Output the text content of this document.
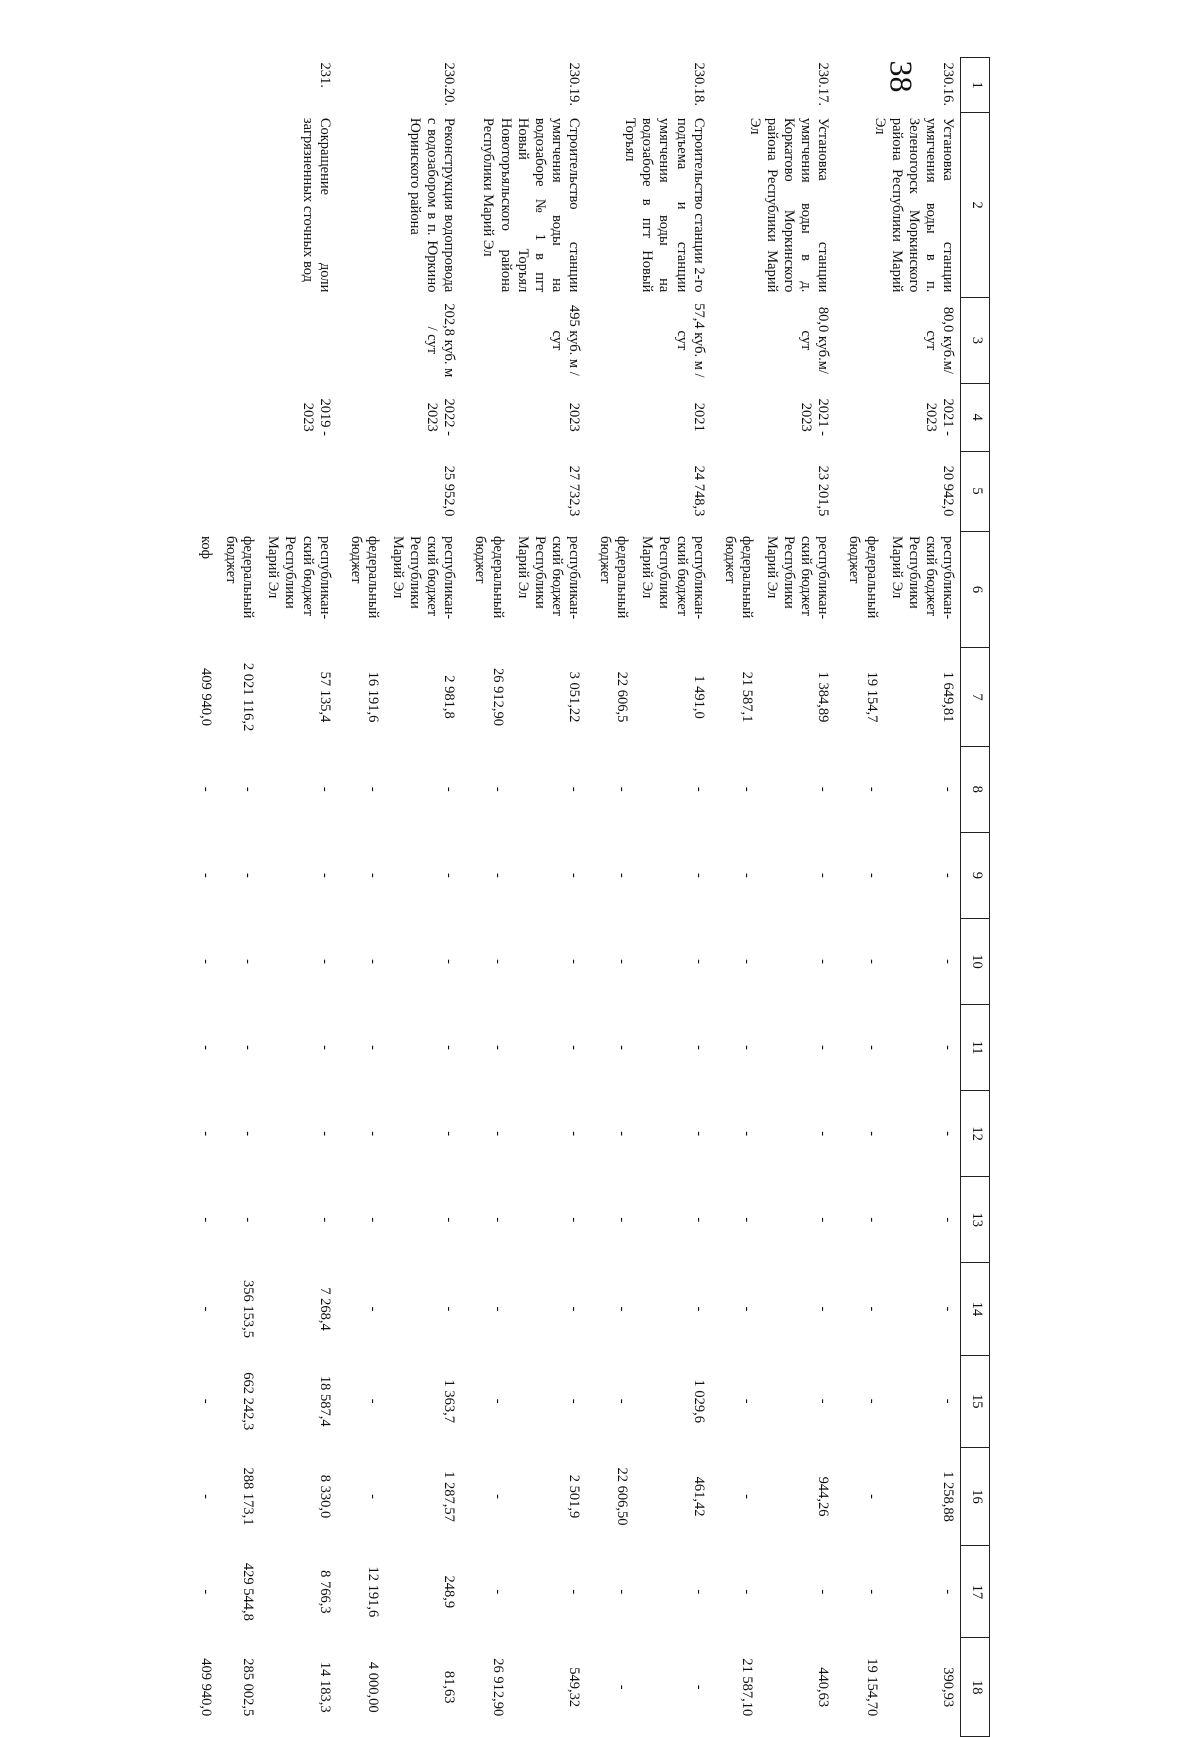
38	1	2	3	4	5	6	7	8	9	10	11	12	13	14	15	16	17	18
230.16.	Установка станции умягчения воды в п. Зеленогорск Моркинского района Республики Марий Эл	80,0 куб.м/сут	2021 - 2023	20 942,0	республикан-ский бюджет Республики Марий Эл	1 649,81	-	-	-	-	-	-	-	-	1 258,88	-	390,93
					федеральный бюджет	19 154,7	-	-	-	-	-	-	-	-	-	-	19 154,70

230.17.	Установка станции умягчения воды в д. Коркатово Моркинского района Республики Марий Эл	80,0 куб.м/сут	2021 - 2023	23 201,5	республикан-ский бюджет Республики Марий Эл	1 384,89	-	-	-	-	-	-	-	-	944,26	-	440,63
					федеральный бюджет	21 587,1	-	-	-	-	-	-	-	-	-	-	21 587,10

230.18.	Строительство станции 2-го подъема и станции умягчения воды на водозаборе в пгт Новый Торъял	57,4 куб. м / сут	2021	24 748,3	республикан-ский бюджет Республики Марий Эл	1 491,0	-	-	-	-	-	-	-	1 029,6	461,42	-	-
					федеральный бюджет	22 606,5	-	-	-	-	-	-	-	-	22 606,50	-	-

230.19.	Строительство станции умягчения воды на водозаборе № 1 в пгт Новый Торъял Новоторъяльского района Республики Марий Эл	495 куб. м / сут	2023	27 732,3	республикан-ский бюджет Республики Марий Эл	3 051,22	-	-	-	-	-	-	-	-	2 501,9	-	549,32
					федеральный бюджет	26 912,90	-	-	-	-	-	-	-	-	-	-	26 912,90

230.20.	Реконструкция водопровода с водозабором в п. Юркино Юринского района	202,8 куб. м / сут	2022 - 2023	25 952,0	республикан-ский бюджет Республики Марий Эл	2 981,8	-	-	-	-	-	-	-	1 363,7	1 287,57	248,9	81,63
					федеральный бюджет	16 191,6	-	-	-	-	-	-	-	-	-	12 191,6	4 000,00

231.	Сокращение доли загрязненных сточных вод		2019 - 2023		республикан-ский бюджет Республики Марий Эл	57 135,4	-	-	-	-	-	-	7 268,4	18 587,4	8 330,0	8 766,3	14 183,3
					федеральный бюджет	2 021 116,2	-	-	-	-	-	-	356 153,5	662 242,3	288 173,1	429 544,8	285 002,5
					коф	409 940,0	-	-	-	-	-	-	-	-	-	-	409 940,0
